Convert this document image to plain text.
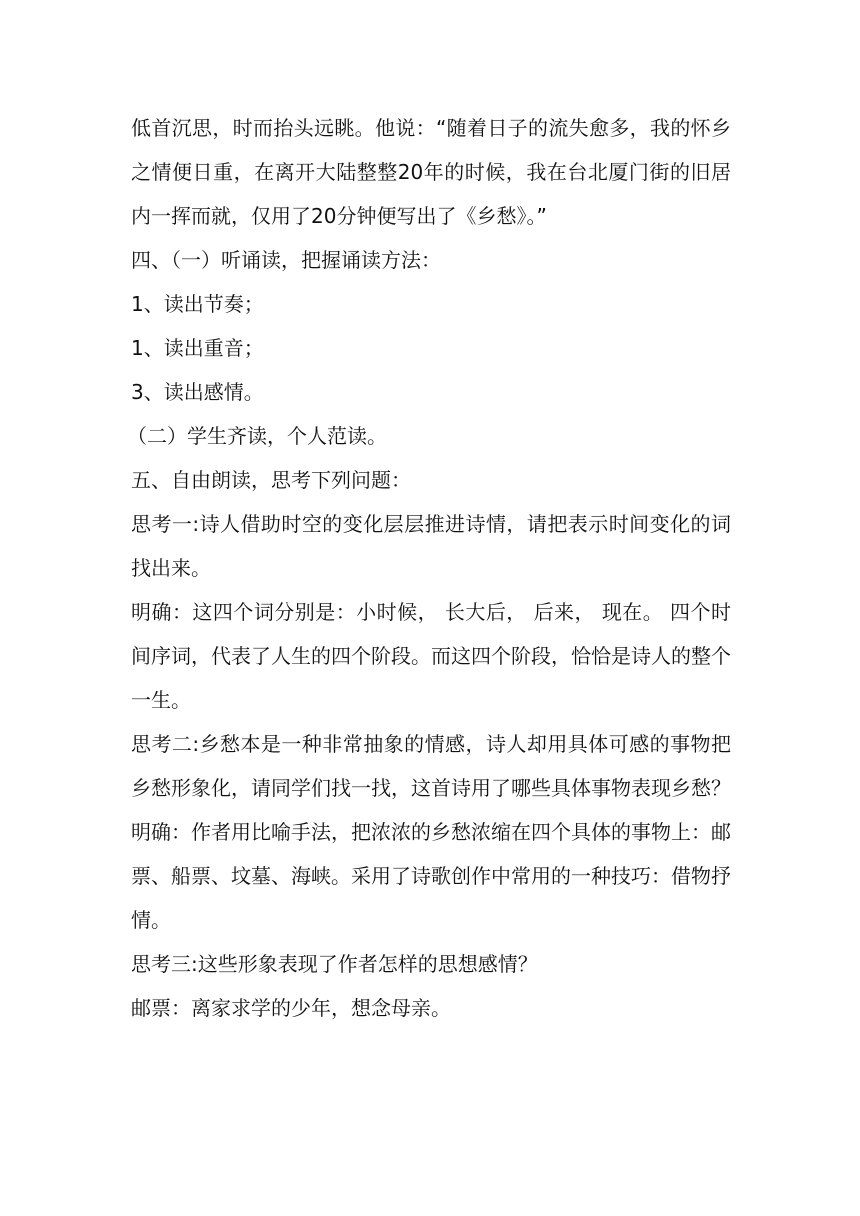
低首沉思，时而抬头远眺。他说：“随着日子的流失愈多，我的怀乡之情便日重，在离开大陆整整20年的时候，我在台北厦门街的旧居内一挥而就，仅用了20分钟便写出了《乡愁》。”

四、（一）听诵读，把握诵读方法：

1、读出节奏；

1、读出重音；

3、读出感情。

（二）学生齐读，个人范读。

五、自由朗读，思考下列问题：

思考一:诗人借助时空的变化层层推进诗情，请把表示时间变化的词找出来。

明确：这四个词分别是：小时候， 长大后， 后来， 现在。 四个时间序词，代表了人生的四个阶段。而这四个阶段，恰恰是诗人的整个一生。

思考二:乡愁本是一种非常抽象的情感，诗人却用具体可感的事物把乡愁形象化，请同学们找一找，这首诗用了哪些具体事物表现乡愁？

明确：作者用比喻手法，把浓浓的乡愁浓缩在四个具体的事物上：邮票、船票、坟墓、海峡。采用了诗歌创作中常用的一种技巧：借物抒情。

思考三:这些形象表现了作者怎样的思想感情？

邮票：离家求学的少年，想念母亲。
